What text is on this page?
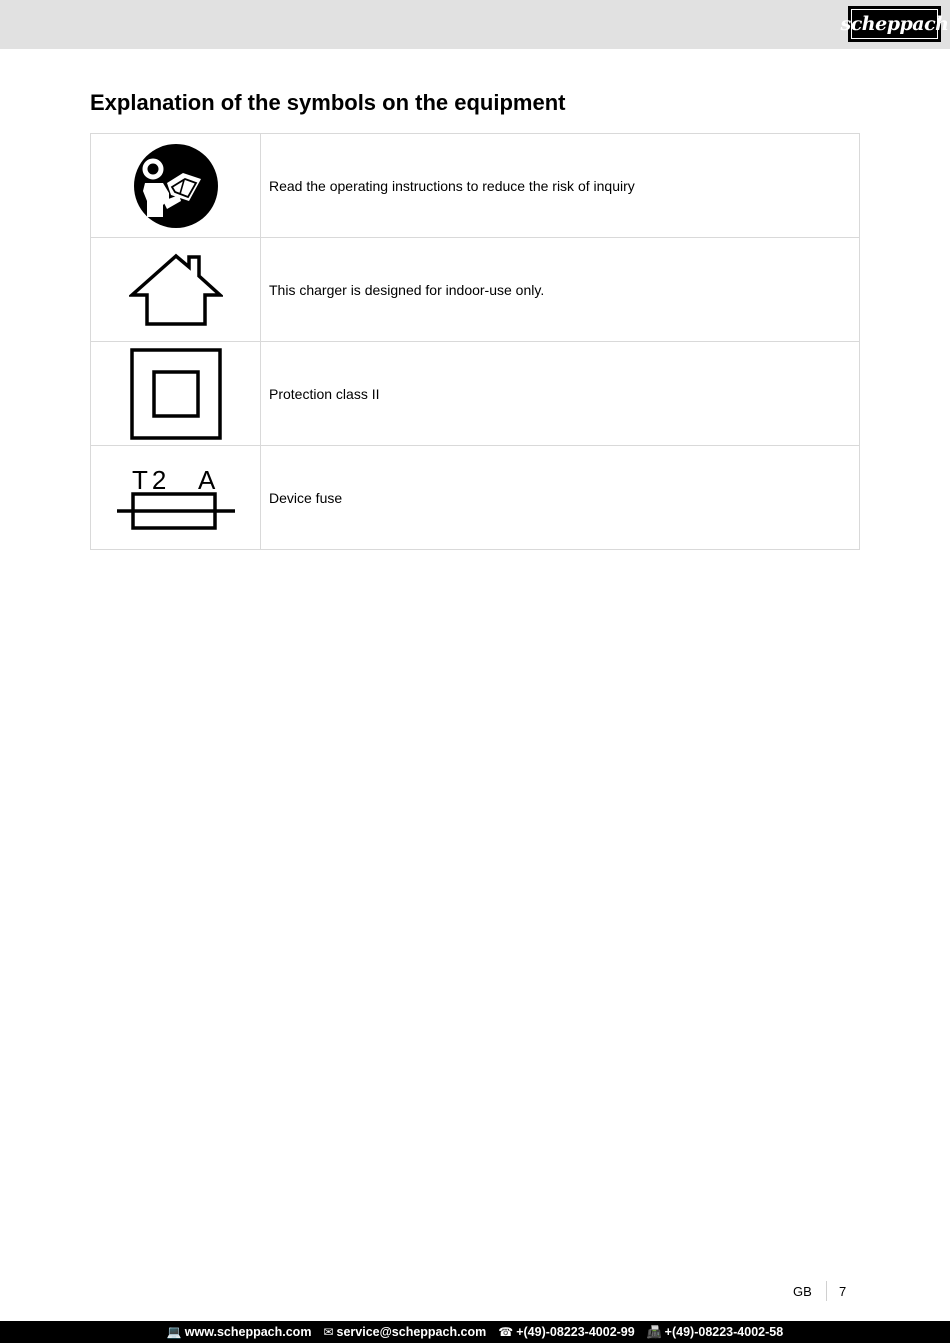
scheppach
Explanation of the symbols on the equipment
	Read the operating instructions to reduce the risk of inquiry

	This charger is designed for indoor-use only.

	Protection class II

T2 A	Device fuse
GB 7
💻 www.scheppach.com ✉ service@scheppach.com ☎ +(49)-08223-4002-99 📠 +(49)-08223-4002-58
